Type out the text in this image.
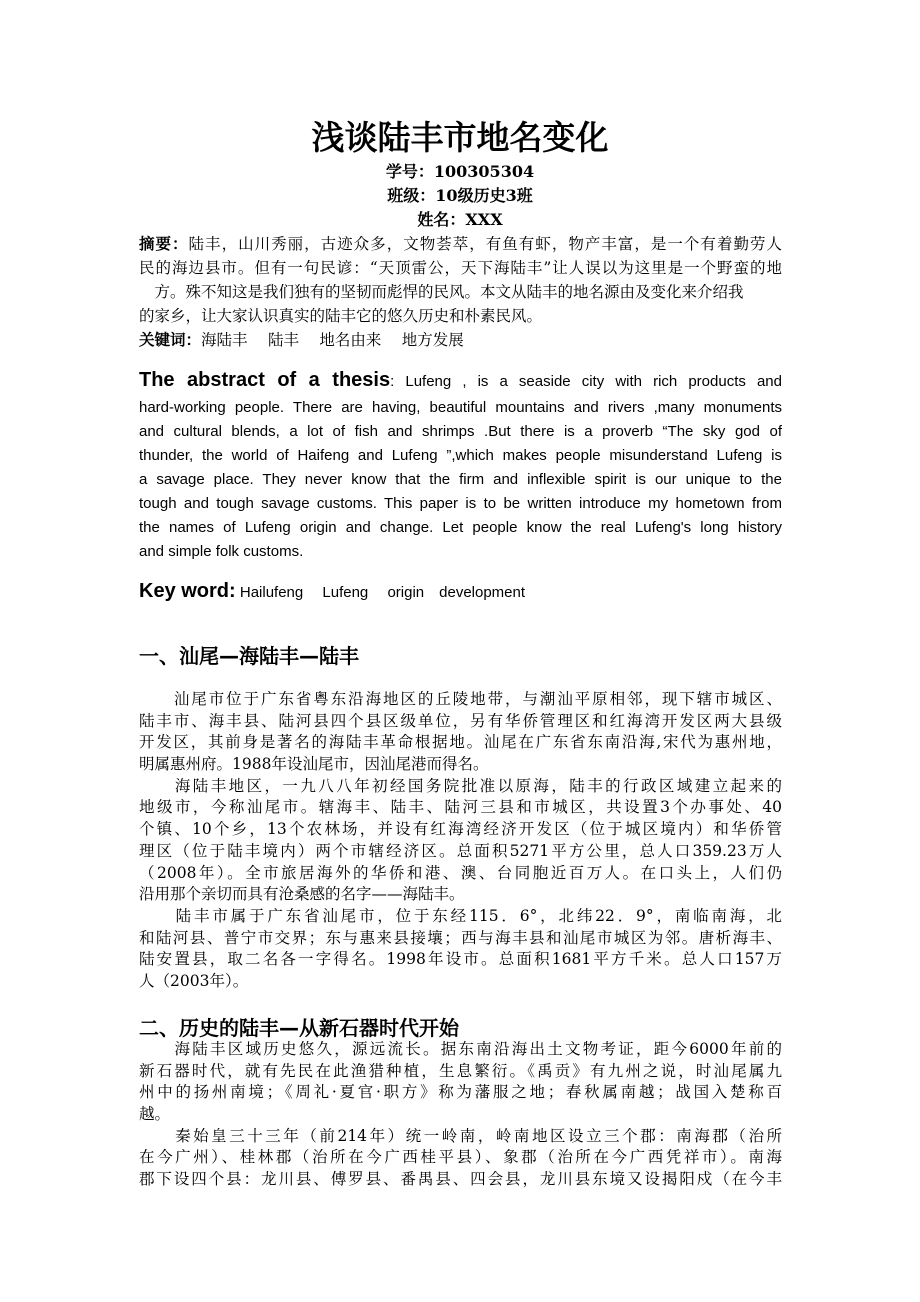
浅谈陆丰市地名变化
学号：100305304
班级：10级历史3班
姓名：XXX
摘要：陆丰，山川秀丽，古迹众多，文物荟萃，有鱼有虾，物产丰富，是一个有着勤劳人
民的海边县市。但有一句民谚：“天顶雷公，天下海陆丰”让人误以为这里是一个野蛮的地
　方。殊不知这是我们独有的坚韧而彪悍的民风。本文从陆丰的地名源由及变化来介绍我
的家乡，让大家认识真实的陆丰它的悠久历史和朴素民风。
关键词：海陆丰　 陆丰　 地名由来　 地方发展
The abstract of a thesis: Lufeng , is a seaside city with rich products and
hard-working people. There are having, beautiful mountains and rivers ,many monuments
and cultural blends, a lot of fish and shrimps .But there is a proverb “The sky god of
thunder, the world of Haifeng and Lufeng ”,which makes people misunderstand Lufeng is
a savage place. They never know that the firm and inflexible spirit is our unique to the
tough and tough savage customs. This paper is to be written introduce my hometown from
the names of Lufeng origin and change. Let people know the real Lufeng's long history
and simple folk customs.
Key word: Hailufeng　 Lufeng　 origin　development
一、汕尾—海陆丰—陆丰
　　汕尾市位于广东省粤东沿海地区的丘陵地带，与潮汕平原相邻，现下辖市城区、
陆丰市、海丰县、陆河县四个县区级单位，另有华侨管理区和红海湾开发区两大县级
开发区，其前身是著名的海陆丰革命根据地。汕尾在广东省东南沿海,宋代为惠州地，
明属惠州府。1988年设汕尾市，因汕尾港而得名。
　　海陆丰地区，一九八八年初经国务院批准以原海，陆丰的行政区域建立起来的
地级市，今称汕尾市。辖海丰、陆丰、陆河三县和市城区，共设置3个办事处、40
个镇、10个乡，13个农林场，并设有红海湾经济开发区（位于城区境内）和华侨管
理区（位于陆丰境内）两个市辖经济区。总面积5271平方公里，总人口359.23万人
（2008年）。全市旅居海外的华侨和港、澳、台同胞近百万人。在口头上，人们仍
沿用那个亲切而具有沧桑感的名字——海陆丰。
　　陆丰市属于广东省汕尾市，位于东经115．6°，北纬22．9°，南临南海，北
和陆河县、普宁市交界；东与惠来县接壤；西与海丰县和汕尾市城区为邻。唐析海丰、
陆安置县，取二名各一字得名。1998年设市。总面积1681平方千米。总人口157万
人（2003年）。
二、历史的陆丰—从新石器时代开始
　　海陆丰区域历史悠久，源远流长。据东南沿海出土文物考证，距今6000年前的
新石器时代，就有先民在此渔猎种植，生息繁衍。《禹贡》有九州之说，时汕尾属九
州中的扬州南境；《周礼·夏官·职方》称为藩服之地；春秋属南越；战国入楚称百
越。
　　秦始皇三十三年（前214年）统一岭南，岭南地区设立三个郡：南海郡（治所
在今广州）、桂林郡（治所在今广西桂平县）、象郡（治所在今广西凭祥市）。南海
郡下设四个县：龙川县、傅罗县、番禺县、四会县，龙川县东境又设揭阳戍（在今丰
